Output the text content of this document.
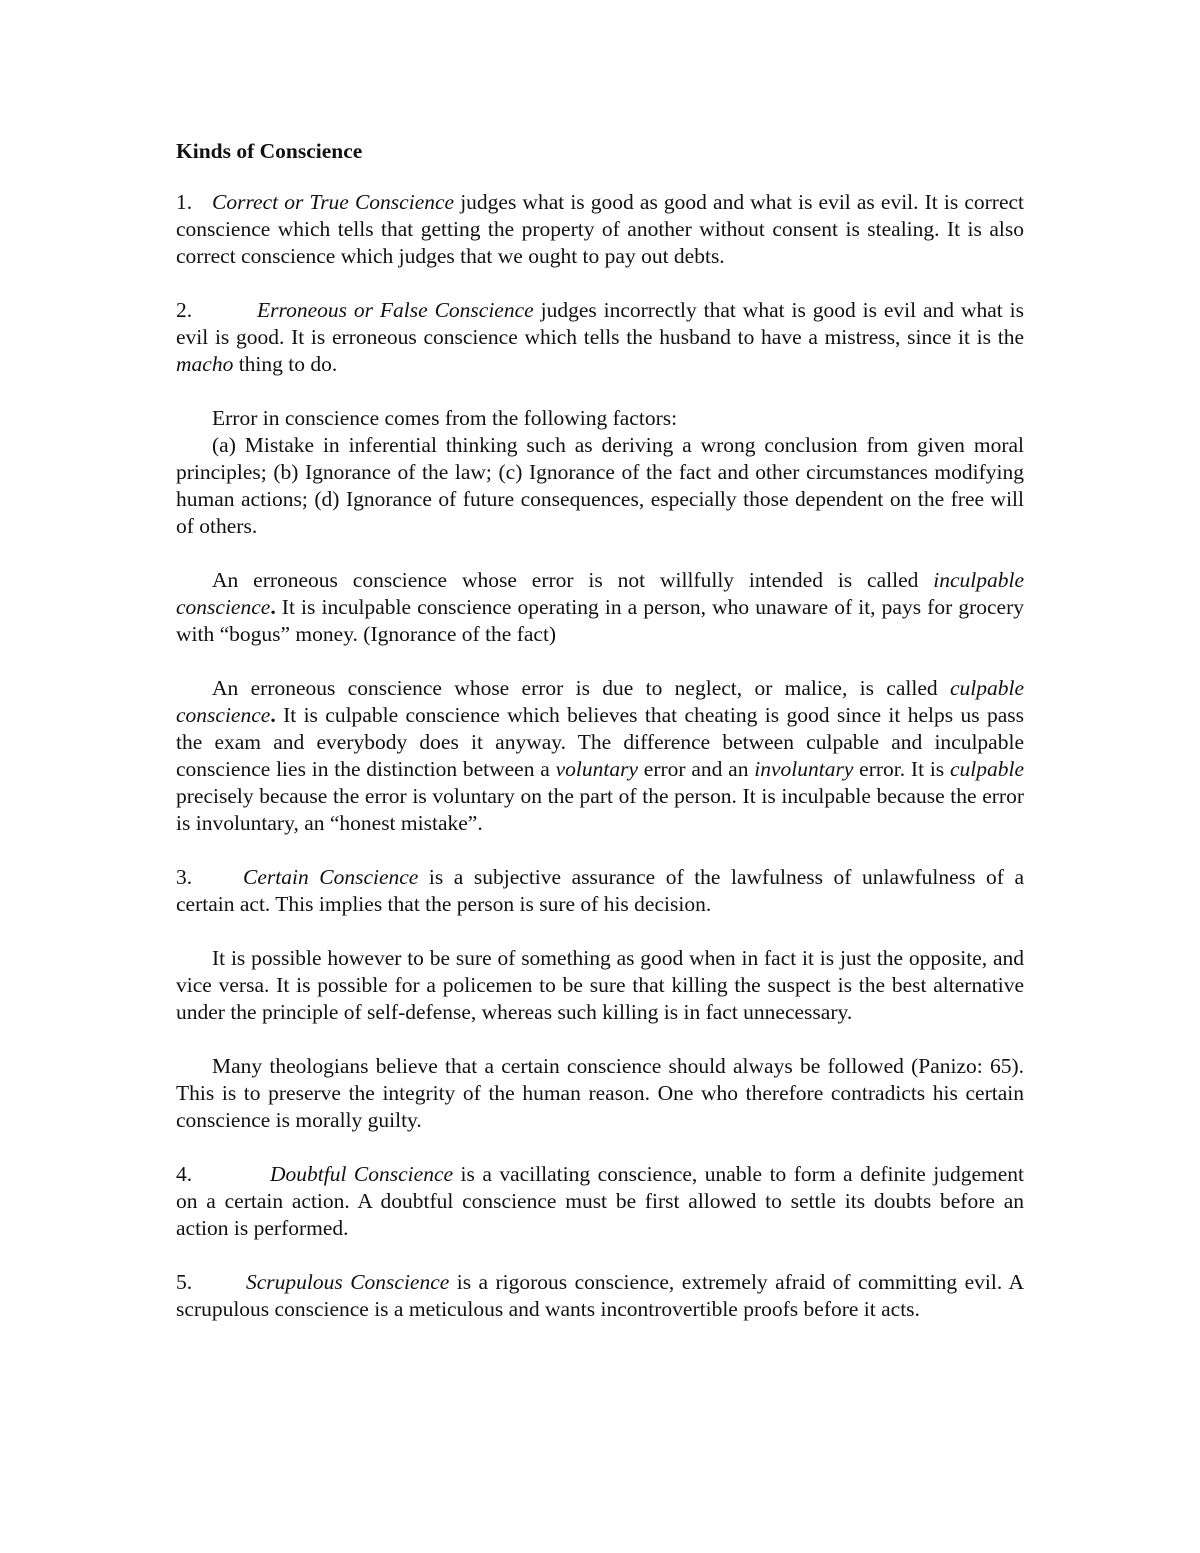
Kinds of Conscience

1. Correct or True Conscience judges what is good as good and what is evil as evil. It is correct conscience which tells that getting the property of another without consent is stealing. It is also correct conscience which judges that we ought to pay out debts.

2.	Erroneous or False Conscience judges incorrectly that what is good is evil and what is evil is good. It is erroneous conscience which tells the husband to have a mistress, since it is the macho thing to do.

Error in conscience comes from the following factors:

(a) Mistake in inferential thinking such as deriving a wrong conclusion from given moral principles; (b) Ignorance of the law; (c) Ignorance of the fact and other circumstances modifying human actions; (d) Ignorance of future consequences, especially those dependent on the free will of others.

An erroneous conscience whose error is not willfully intended is called inculpable conscience. It is inculpable conscience operating in a person, who unaware of it, pays for grocery with “bogus” money. (Ignorance of the fact)

An erroneous conscience whose error is due to neglect, or malice, is called culpable conscience. It is culpable conscience which believes that cheating is good since it helps us pass the exam and everybody does it anyway. The difference between culpable and inculpable conscience lies in the distinction between a voluntary error and an involuntary error. It is culpable precisely because the error is voluntary on the part of the person. It is inculpable because the error is involuntary, an “honest mistake”.

3. Certain Conscience is a subjective assurance of the lawfulness of unlawfulness of a certain act. This implies that the person is sure of his decision.

It is possible however to be sure of something as good when in fact it is just the opposite, and vice versa. It is possible for a policemen to be sure that killing the suspect is the best alternative under the principle of self-defense, whereas such killing is in fact unnecessary.

Many theologians believe that a certain conscience should always be followed (Panizo: 65). This is to preserve the integrity of the human reason. One who therefore contradicts his certain conscience is morally guilty.

4.	Doubtful Conscience is a vacillating conscience, unable to form a definite judgement on a certain action. A doubtful conscience must be first allowed to settle its doubts before an action is performed.

5.	Scrupulous Conscience is a rigorous conscience, extremely afraid of committing evil. A scrupulous conscience is a meticulous and wants incontrovertible proofs before it acts.
